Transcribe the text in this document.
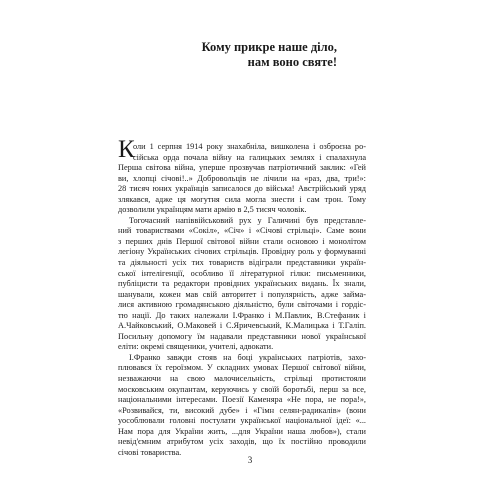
Кому прикре наше діло,
нам воно святе!
К
оли 1 серпня 1914 року знахабніла, вишколена і озброєна ро-
сійська орда почала війну на галицьких землях і спалахнула
Перша світова війна, уперше прозвучав патріотичний заклик: «Гей
ви, хлопці січові!..» Добровольців не лічили на «раз, два, три!»:
28 тисяч юних українців записалося до війська! Австрійський уряд
злякався, адже ця могутня сила могла знести і сам трон. Тому
дозволили українцям мати армію в 2,5 тисяч чоловік.
Тогочасний напіввійськовий рух у Галичині був представле-
ний товариствами «Сокіл», «Січ» і «Січові стрільці». Саме вони
з перших днів Першої світової війни стали основою і монолітом
легіону Українських січових стрільців. Провідну роль у формуванні
та діяльності усіх тих товариств відіграли представники україн-
ської інтелігенції, особливо її літературної гілки: письменники,
публіцисти та редактори провідних українських видань. Їх знали,
шанували, кожен мав свій авторитет і популярність, адже займа-
лися активною громадянською діяльністю, були світочами і гордіс-
тю нації. До таких належали І.Франко і М.Павлик, В.Стефаник і
А.Чайковський, О.Маковей і С.Яричевський, К.Малицька і Т.Галіп.
Посильну допомогу їм надавали представники нової української
еліти: окремі священики, учителі, адвокати.
І.Франко завжди стояв на боці українських патріотів, захо-
плювався їх героїзмом. У складних умовах Першої світової війни,
незважаючи на свою малочисельність, стрільці протистояли
московським окупантам, керуючись у своїй боротьбі, перш за все,
національними інтересами. Поезії Каменяра «Не пора, не пора!»,
«Розвивайся, ти, високий дубе» і «Гімн селян-радикалів» (вони
уособлювали головні постулати української національної ідеї: «...
Нам пора для України жить, ...для України наша любов»), стали
невід'ємним атрибутом усіх заходів, що їх постійно проводили
січові товариства.
3
